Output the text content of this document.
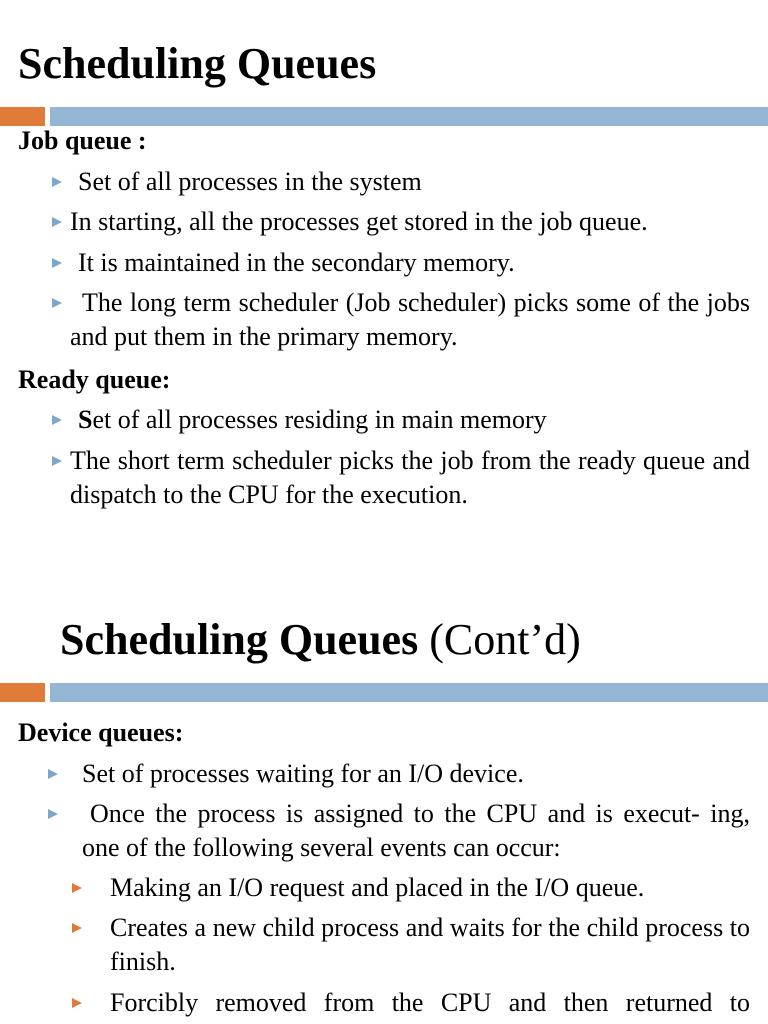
Scheduling Queues
Job queue :
Set of all processes in the system
In starting, all the processes get stored in the job queue.
It is maintained in the secondary memory.
The long term scheduler (Job scheduler) picks some of the jobs and put them in the primary memory.
Ready queue:
Set of all processes residing in main memory
The short term scheduler picks the job from the ready queue and dispatch to the CPU for the execution.
Scheduling Queues (Cont’d)
Device queues:
Set of processes waiting for an I/O device.
Once the process is assigned to the CPU and is execut- ing, one of the following several events can occur:
Making an I/O request and placed in the I/O queue.
Creates a new child process and waits for the child process to finish.
Forcibly removed from the CPU and then returned to
